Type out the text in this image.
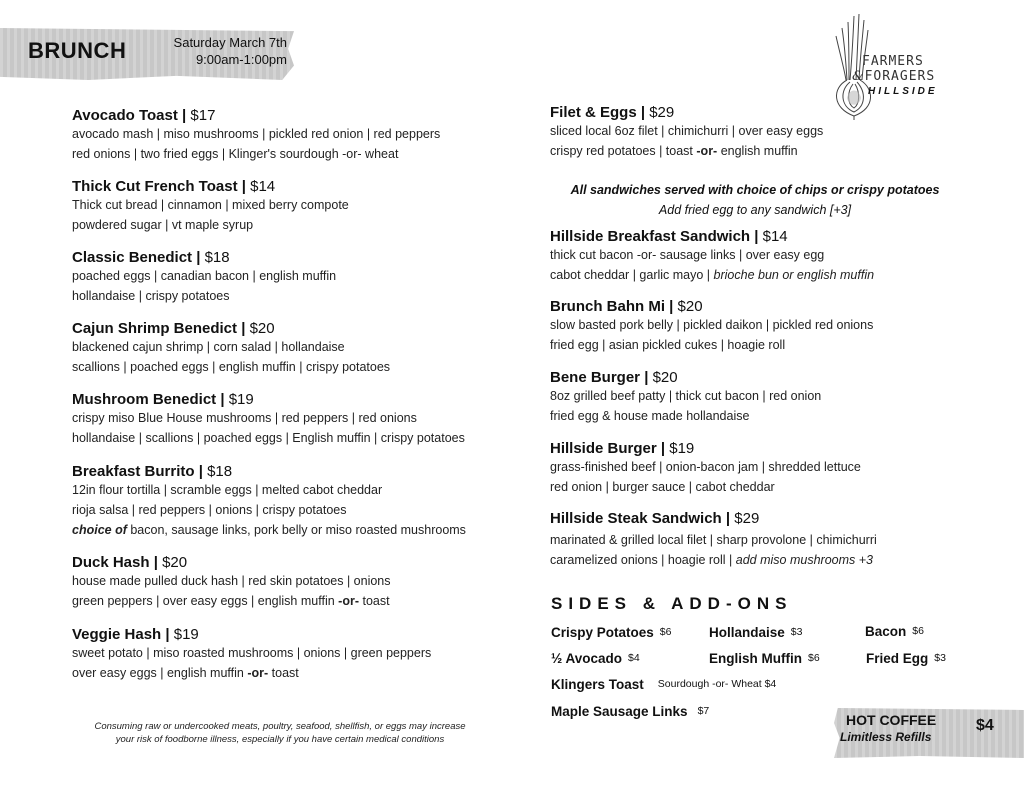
BRUNCH	Saturday March 7th
9:00am-1:00pm	FARMERS
&FORAGERS
HILLSIDE
Avocado Toast | $17

avocado mash | miso mushrooms | pickled red onion | red peppers

red onions | two fried eggs | Klinger's sourdough -or- wheat

Thick Cut French Toast | $14

Thick cut bread | cinnamon | mixed berry compote

powdered sugar | vt maple syrup

Classic Benedict | $18

poached eggs | canadian bacon | english muffin

hollandaise | crispy potatoes

Cajun Shrimp Benedict | $20

blackened cajun shrimp | corn salad | hollandaise

scallions | poached eggs | english muffin | crispy potatoes

Mushroom Benedict | $19

crispy miso Blue House mushrooms | red peppers | red onions

hollandaise | scallions | poached eggs | English muffin | crispy potatoes

Breakfast Burrito | $18

12in flour tortilla | scramble eggs | melted cabot cheddar

rioja salsa | red peppers | onions | crispy potatoes

choice of bacon, sausage links, pork belly or miso roasted mushrooms

Duck Hash | $20

house made pulled duck hash | red skin potatoes | onions

green peppers | over easy eggs | english muffin -or- toast

Veggie Hash | $19

sweet potato | miso roasted mushrooms | onions | green peppers

over easy eggs | english muffin -or- toast

Consuming raw or undercooked meats, poultry, seafood, shellfish, or eggs may increase
your risk of foodborne illness, especially if you have certain medical conditions
Filet & Eggs | $29

sliced local 6oz filet | chimichurri | over easy eggs

crispy red potatoes | toast -or- english muffin

All sandwiches served with choice of chips or crispy potatoes
Add fried egg to any sandwich [+3]
Hillside Breakfast Sandwich | $14

thick cut bacon -or- sausage links | over easy egg

cabot cheddar | garlic mayo | brioche bun or english muffin

Brunch Bahn Mi | $20

slow basted pork belly | pickled daikon | pickled red onions

fried egg | asian pickled cukes | hoagie roll

Bene Burger | $20

8oz grilled beef patty | thick cut bacon | red onion

fried egg & house made hollandaise

Hillside Burger | $19

grass-finished beef | onion-bacon jam | shredded lettuce

red onion | burger sauce | cabot cheddar

Hillside Steak Sandwich | $29

marinated & grilled local filet | sharp provolone | chimichurri

caramelized onions | hoagie roll | add miso mushrooms +3

SIDES & ADD-ONS
Crispy Potatoes $6	Hollandaise $3	Bacon $6
½ Avocado $4	English Muffin $6	Fried Egg $3
Klingers Toast Sourdough -or- Wheat $4
Maple Sausage Links $7
HOT COFFEE
Limitless Refills
$4
